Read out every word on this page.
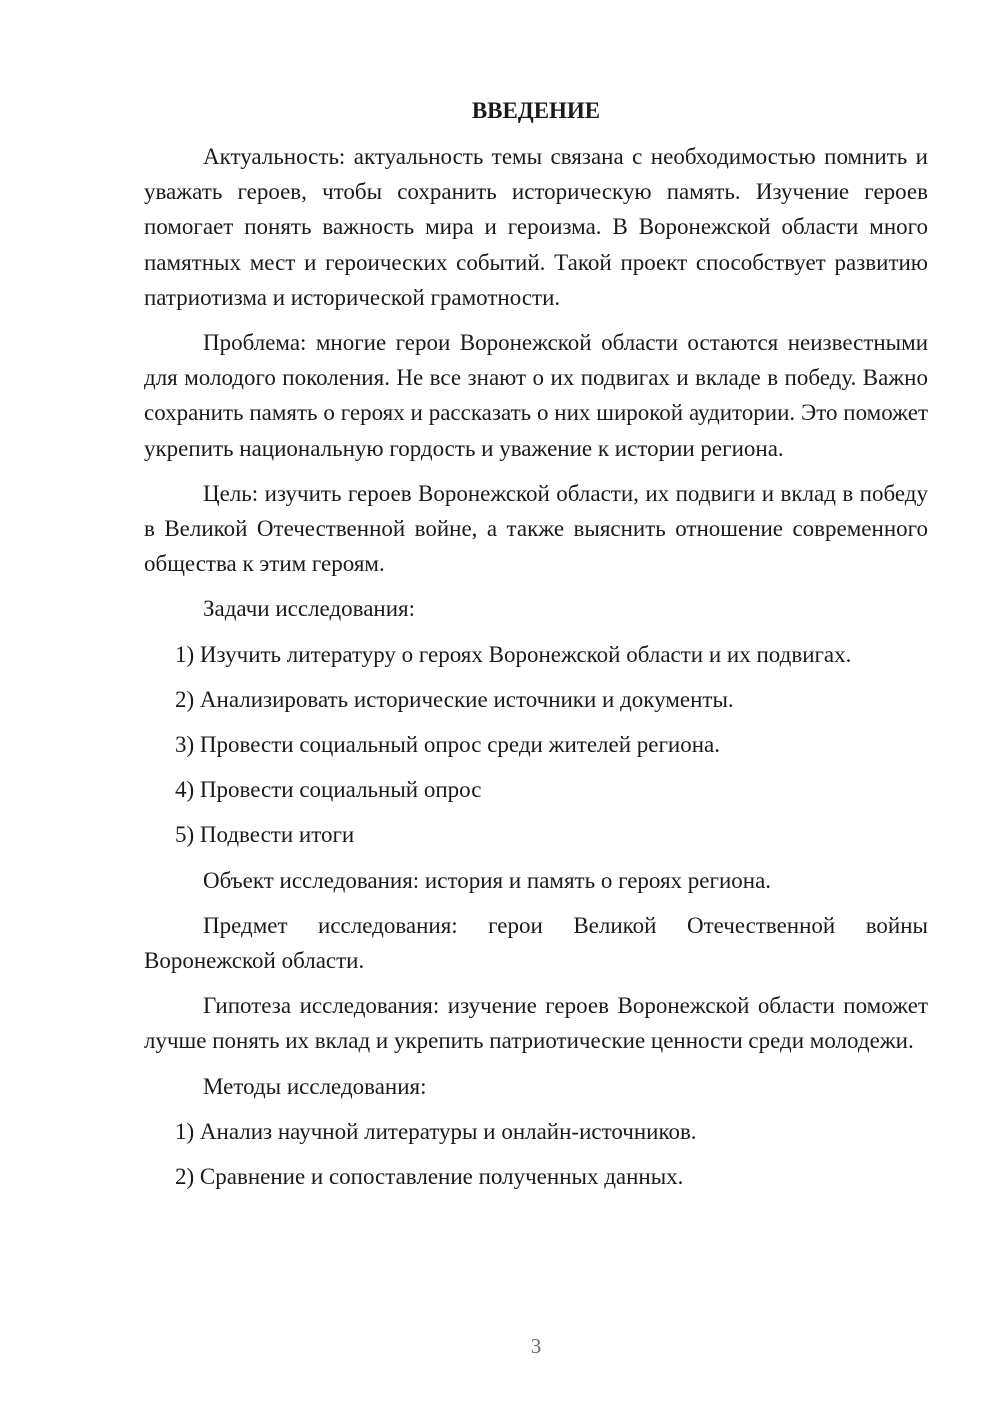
ВВЕДЕНИЕ

Актуальность: актуальность темы связана с необходимостью помнить и уважать героев, чтобы сохранить историческую память. Изучение героев помогает понять важность мира и героизма. В Воронежской области много памятных мест и героических событий. Такой проект способствует развитию патриотизма и исторической грамотности.

Проблема: многие герои Воронежской области остаются неизвестными для молодого поколения. Не все знают о их подвигах и вкладе в победу. Важно сохранить память о героях и рассказать о них широкой аудитории. Это поможет укрепить национальную гордость и уважение к истории региона.

Цель: изучить героев Воронежской области, их подвиги и вклад в победу в Великой Отечественной войне, а также выяснить отношение современного общества к этим героям.

Задачи исследования:

1) Изучить литературу о героях Воронежской области и их подвигах.

2) Анализировать исторические источники и документы.

3) Провести социальный опрос среди жителей региона.

4) Провести социальный опрос

5) Подвести итоги

Объект исследования: история и память о героях региона.

Предмет исследования: герои Великой Отечественной войны Воронежской области.

Гипотеза исследования: изучение героев Воронежской области поможет лучше понять их вклад и укрепить патриотические ценности среди молодежи.

Методы исследования:

1) Анализ научной литературы и онлайн-источников.

2) Сравнение и сопоставление полученных данных.

3
